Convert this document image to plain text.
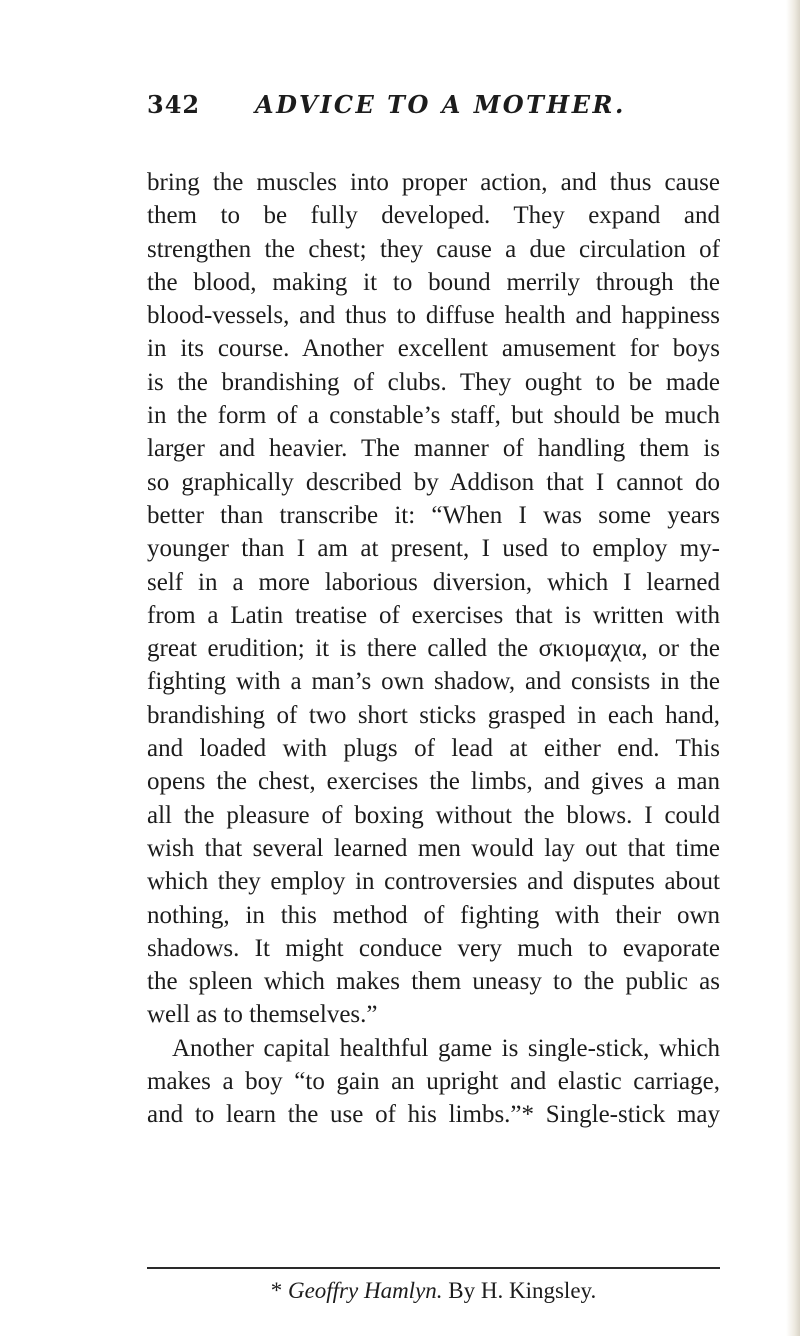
342 ADVICE TO A MOTHER.
bring the muscles into proper action, and thus cause
them to be fully developed. They expand and
strengthen the chest; they cause a due circulation of
the blood, making it to bound merrily through the
blood-vessels, and thus to diffuse health and happiness
in its course. Another excellent amusement for boys
is the brandishing of clubs. They ought to be made
in the form of a constable’s staff, but should be much
larger and heavier. The manner of handling them is
so graphically described by Addison that I cannot do
better than transcribe it: “When I was some years
younger than I am at present, I used to employ my-
self in a more laborious diversion, which I learned
from a Latin treatise of exercises that is written with
great erudition; it is there called the σκιομαχια, or the
fighting with a man’s own shadow, and consists in the
brandishing of two short sticks grasped in each hand,
and loaded with plugs of lead at either end. This
opens the chest, exercises the limbs, and gives a man
all the pleasure of boxing without the blows. I could
wish that several learned men would lay out that time
which they employ in controversies and disputes about
nothing, in this method of fighting with their own
shadows. It might conduce very much to evaporate
the spleen which makes them uneasy to the public as
well as to themselves.”
Another capital healthful game is single-stick, which
makes a boy “to gain an upright and elastic carriage,
and to learn the use of his limbs.”* Single-stick may
* Geoffry Hamlyn. By H. Kingsley.
